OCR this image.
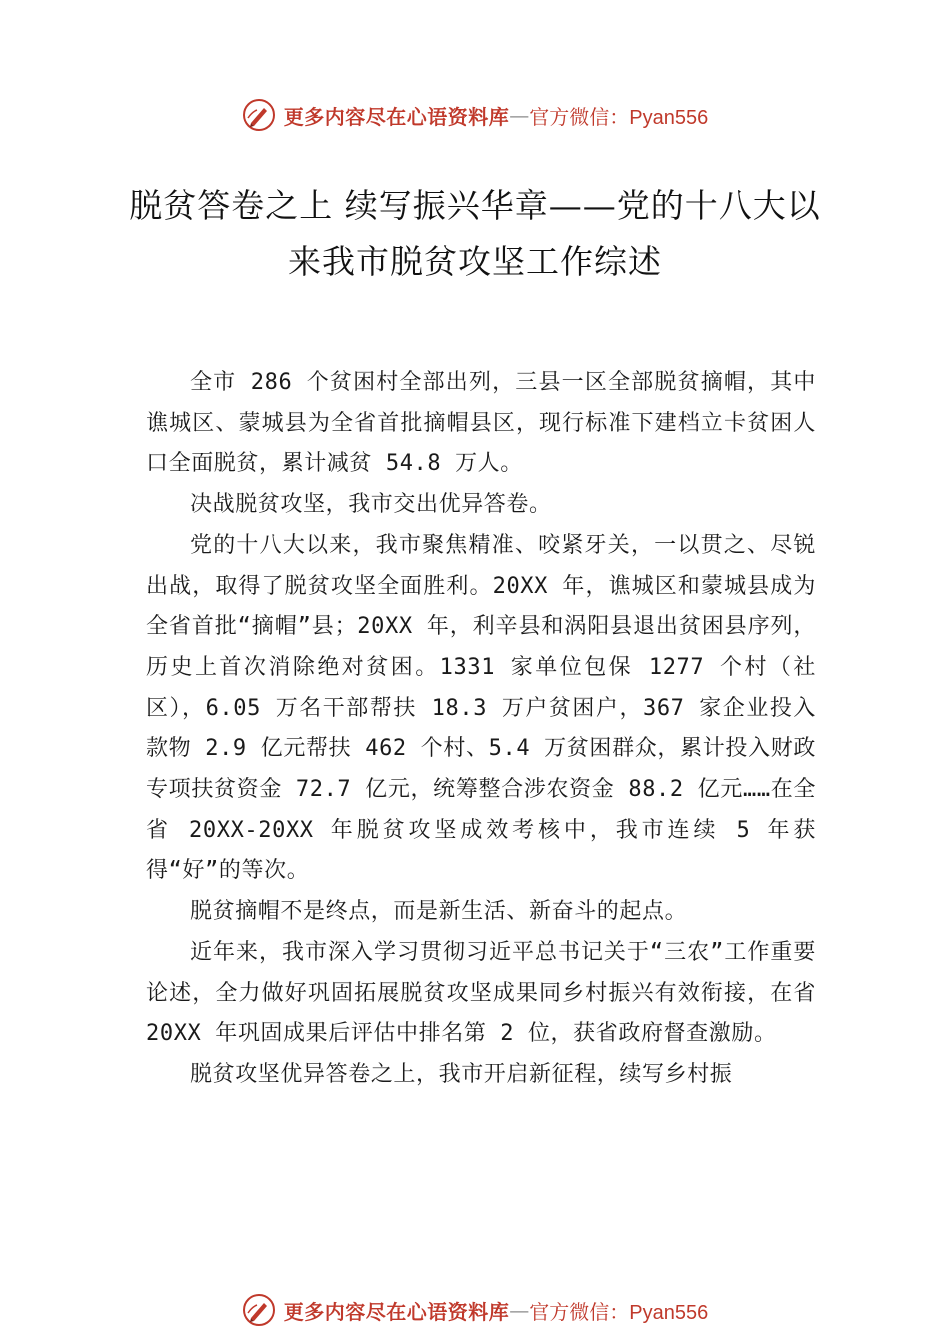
更多内容尽在心语资料库 — 官方微信：Pyan556
脱贫答卷之上 续写振兴华章——党的十八大以来我市脱贫攻坚工作综述

全市 286 个贫困村全部出列，三县一区全部脱贫摘帽，其中谯城区、蒙城县为全省首批摘帽县区，现行标准下建档立卡贫困人口全面脱贫，累计减贫 54.8 万人。

决战脱贫攻坚，我市交出优异答卷。

党的十八大以来，我市聚焦精准、咬紧牙关，一以贯之、尽锐出战，取得了脱贫攻坚全面胜利。20XX 年，谯城区和蒙城县成为全省首批“摘帽”县；20XX 年，利辛县和涡阳县退出贫困县序列，历史上首次消除绝对贫困。1331 家单位包保 1277 个村（社区），6.05 万名干部帮扶 18.3 万户贫困户，367 家企业投入款物 2.9 亿元帮扶 462 个村、5.4 万贫困群众，累计投入财政专项扶贫资金 72.7 亿元，统筹整合涉农资金 88.2 亿元……在全省 20XX-20XX 年脱贫攻坚成效考核中，我市连续 5 年获得“好”的等次。

脱贫摘帽不是终点，而是新生活、新奋斗的起点。

近年来，我市深入学习贯彻习近平总书记关于“三农”工作重要论述，全力做好巩固拓展脱贫攻坚成果同乡村振兴有效衔接，在省 20XX 年巩固成果后评估中排名第 2 位，获省政府督查激励。

脱贫攻坚优异答卷之上，我市开启新征程，续写乡村振

更多内容尽在心语资料库 — 官方微信：Pyan556
